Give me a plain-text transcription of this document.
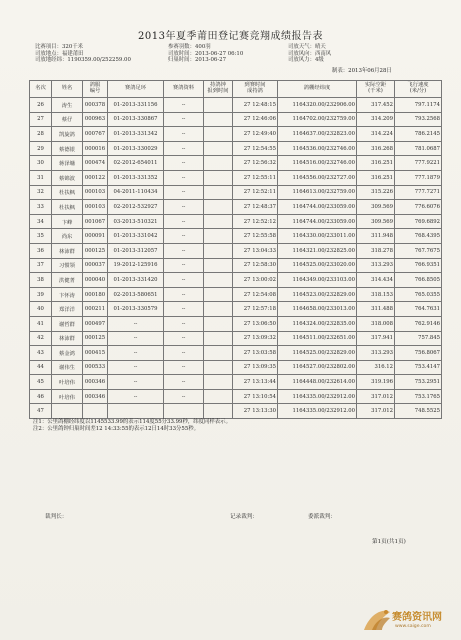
2013年夏季莆田登记赛竞翔成绩报告表
比赛项目：320千米
司放地点：福建莆田
司放地经纬：1190359.00/252259.00
参赛羽数：400羽
司放时间：2013-06-27 06:10
归巢时间：2013-06-27
司放天气：晴天
司放风向：西南风
司放风力：4级
制表：2013年06月28日
名次	姓名	鸽服
编号	赛鸽足环	赛鸽资料	持鸽钟
报到时间	到赛时间
成持鸽	鸽棚经纬度	实际空距
(千米)	飞行速度
(米/分)
26	涛生	000378	01-2013-331156	--		27 12:48:15	1164320.00/232906.00	317.452	797.1174
27	蔡仔	000963	01-2013-330867	--		27 12:46:06	1164702.00/232759.00	314.209	793.2568
28	凯旋鸽	000767	01-2013-331342	--		27 12:49:40	1164637.00/232823.00	314.224	786.2145
29	蔡德银	000016	01-2013-330029	--		27 12:54:55	1164536.00/232746.00	316.268	781.0687
30	蒋泽墉	000474	02-2012-654011	--		27 12:56:32	1164516.00/232746.00	316.251	777.9221
31	蔡锦波	000122	01-2013-331352	--		27 12:55:11	1164556.00/232727.00	316.251	777.1879
32	杜扶枫	000103	04-2011-110434	--		27 12:52:11	1164613.00/232759.00	315.226	777.7271
33	杜扶枫	000103	02-2012-532927	--		27 12:48:37	1164744.00/233059.00	309.569	776.6076
34	卞峰	001067	03-2013-510321	--		27 12:52:12	1164744.00/233059.00	309.569	769.6892
35	尚东	000091	01-2013-331042	--		27 12:55:58	1164330.00/233011.00	311.948	768.4395
36	林沛群	000125	01-2013-312057	--		27 13:04:33	1164321.00/232825.00	318.278	767.7675
37	习惯领	000037	19-2012-125916	--		27 12:58:30	1164525.00/233020.00	313.293	766.9351
38	洪健菁	000040	01-2013-331420	--		27 13:00:02	1164349.00/233103.00	314.434	766.8505
39	卞怀涛	000180	02-2013-580651	--		27 12:54:08	1164523.00/232829.00	318.153	765.0355
40	郑洋洋	000211	01-2013-330579	--		27 12:57:18	1164658.00/233013.00	311.488	764.7631
41	谢哲群	000497	--	--		27 13:06:50	1164324.00/232835.00	318.008	762.9146
42	林沛群	000125	--	--		27 13:09:32	1164511.00/232651.00	317.941	757.845
43	蔡金鸿	000415	--	--		27 13:03:58	1164525.00/232829.00	313.293	756.8067
44	谢伟生	000533	--	--		27 13:09:35	1164527.00/232802.00	316.12	753.4147
45	叶培伟	000346	--	--		27 13:13:44	1164448.00/232614.00	319.196	753.2951
46	叶培伟	000346	--	--		27 13:10:54	1164335.00/232912.00	317.012	753.1765
47						27 13:13:30	1164335.00/232912.00	317.012	748.5525
注1：公里鸽棚经纬度以1145533.99的表示114度55分33.99秒，纬度同样表示。
注2：公里鸽钟归巢时间差12 14:33:55的表示12日14时33分55秒。
裁判长：	记录裁判：	委派裁判：
第1页(共1页)
赛鸽资讯网
www.saige.com
